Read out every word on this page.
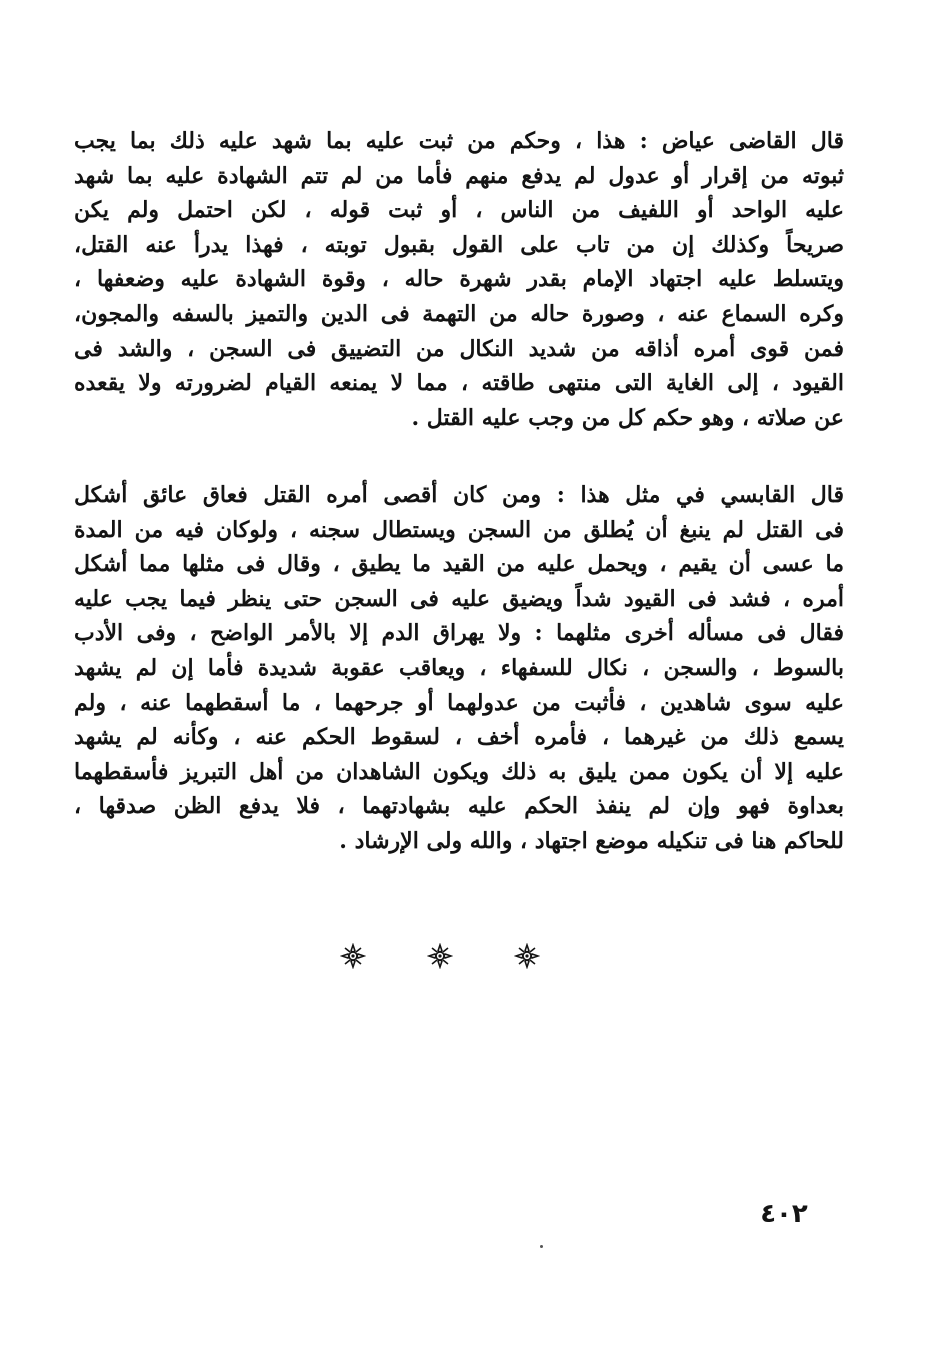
قال القاضى عياض : هذا ، وحكم من ثبت عليه بما شهد عليه ذلك بما يجب
ثبوته من إقرار أو عدول لم يدفع منهم فأما من لم تتم الشهادة عليه بما شهد
عليه الواحد أو اللفيف من الناس ، أو ثبت قوله ، لكن احتمل ولم يكن
صريحاً وكذلك إن من تاب على القول بقبول توبته ، فهذا يدرأ عنه القتل،
ويتسلط عليه اجتهاد الإمام بقدر شهرة حاله ، وقوة الشهادة عليه وضعفها ،
وكره السماع عنه ، وصورة حاله من التهمة فى الدين والتميز بالسفه والمجون،
فمن قوى أمره أذاقه من شديد النكال من التضييق فى السجن ، والشد فى
القيود ، إلى الغاية التى منتهى طاقته ، مما لا يمنعه القيام لضرورته ولا يقعده
عن صلاته ، وهو حكم كل من وجب عليه القتل .
قال القابسي في مثل هذا : ومن كان أقصى أمره القتل فعاق عائق أشكل
فى القتل لم ينبغ أن يُطلق من السجن ويستطال سجنه ، ولوكان فيه من المدة
ما عسى أن يقيم ، ويحمل عليه من القيد ما يطيق ، وقال فى مثلها مما أشكل
أمره ، فشد فى القيود شداً ويضيق عليه فى السجن حتى ينظر فيما يجب عليه
فقال فى مسأله أخرى مثلهما : ولا يهراق الدم إلا بالأمر الواضح ، وفى الأدب
بالسوط ، والسجن ، نكال للسفهاء ، ويعاقب عقوبة شديدة فأما إن لم يشهد
عليه سوى شاهدين ، فأثبت من عدولهما أو جرحهما ، ما أسقطهما عنه ، ولم
يسمع ذلك من غيرهما ، فأمره أخف ، لسقوط الحكم عنه ، وكأنه لم يشهد
عليه إلا أن يكون ممن يليق به ذلك ويكون الشاهدان من أهل التبريز فأسقطهما
بعداوة فهو وإن لم ينفذ الحكم عليه بشهادتهما ، فلا يدفع الظن صدقها ،
للحاكم هنا فى تنكيله موضع اجتهاد ، والله ولى الإرشاد .
٤٠٢
